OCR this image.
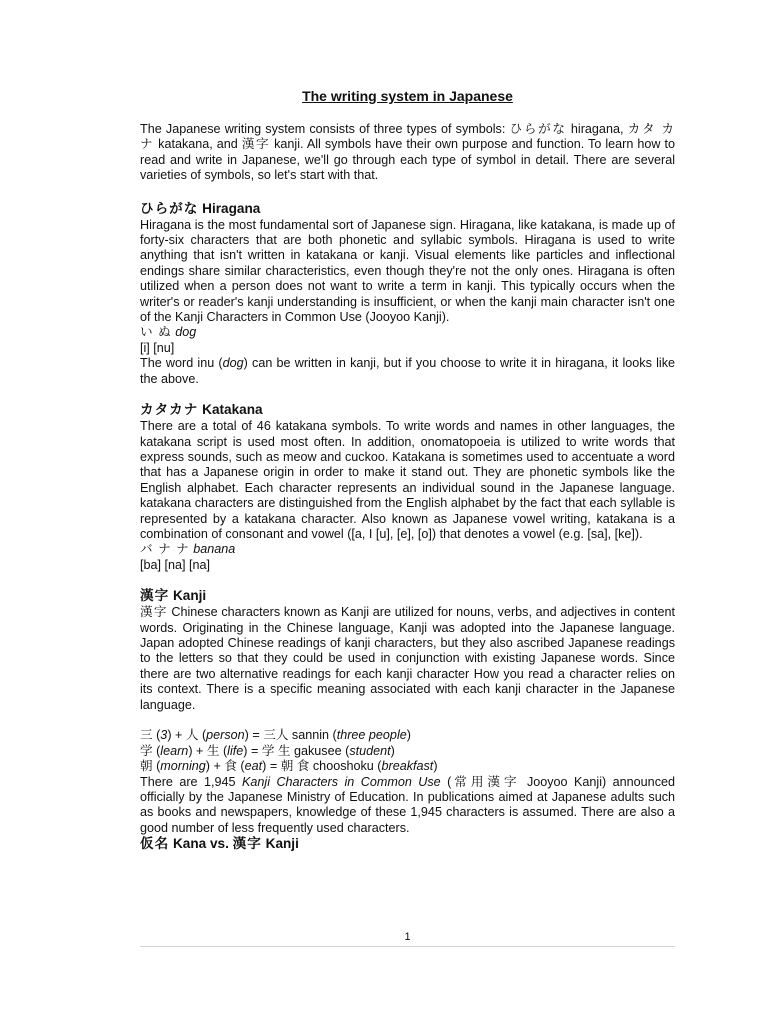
The writing system in Japanese

The Japanese writing system consists of three types of symbols: ひらがな hiragana, カタ カナ katakana, and 漢字 kanji. All symbols have their own purpose and function. To learn how to read and write in Japanese, we'll go through each type of symbol in detail. There are several varieties of symbols, so let's start with that.

ひらがな Hiragana

Hiragana is the most fundamental sort of Japanese sign. Hiragana, like katakana, is made up of forty-six characters that are both phonetic and syllabic symbols. Hiragana is used to write anything that isn't written in katakana or kanji. Visual elements like particles and inflectional endings share similar characteristics, even though they're not the only ones. Hiragana is often utilized when a person does not want to write a term in kanji. This typically occurs when the writer's or reader's kanji understanding is insufficient, or when the kanji main character isn't one of the Kanji Characters in Common Use (Jooyoo Kanji).

い ぬ dog
[i] [nu]

The word inu (dog) can be written in kanji, but if you choose to write it in hiragana, it looks like the above.

カタカナ Katakana

There are a total of 46 katakana symbols. To write words and names in other languages, the katakana script is used most often. In addition, onomatopoeia is utilized to write words that express sounds, such as meow and cuckoo. Katakana is sometimes used to accentuate a word that has a Japanese origin in order to make it stand out. They are phonetic symbols like the English alphabet. Each character represents an individual sound in the Japanese language. katakana characters are distinguished from the English alphabet by the fact that each syllable is represented by a katakana character. Also known as Japanese vowel writing, katakana is a combination of consonant and vowel ([a, I [u], [e], [o]) that denotes a vowel (e.g. [sa], [ke]).

バ ナ ナ banana
[ba] [na] [na]
漢字 Kanji

漢字 Chinese characters known as Kanji are utilized for nouns, verbs, and adjectives in content words. Originating in the Chinese language, Kanji was adopted into the Japanese language. Japan adopted Chinese readings of kanji characters, but they also ascribed Japanese readings to the letters so that they could be used in conjunction with existing Japanese words. Since there are two alternative readings for each kanji character How you read a character relies on its context. There is a specific meaning associated with each kanji character in the Japanese language.

三 (3) + 人 (person) = 三人 sannin (three people)
学 (learn) + 生 (life) = 学 生 gakusee (student)
朝 (morning) + 食 (eat) = 朝 食 chooshoku (breakfast)

There are 1,945 Kanji Characters in Common Use (常用漢字 Jooyoo Kanji) announced officially by the Japanese Ministry of Education. In publications aimed at Japanese adults such as books and newspapers, knowledge of these 1,945 characters is assumed. There are also a good number of less frequently used characters.

仮名 Kana vs. 漢字 Kanji
1
